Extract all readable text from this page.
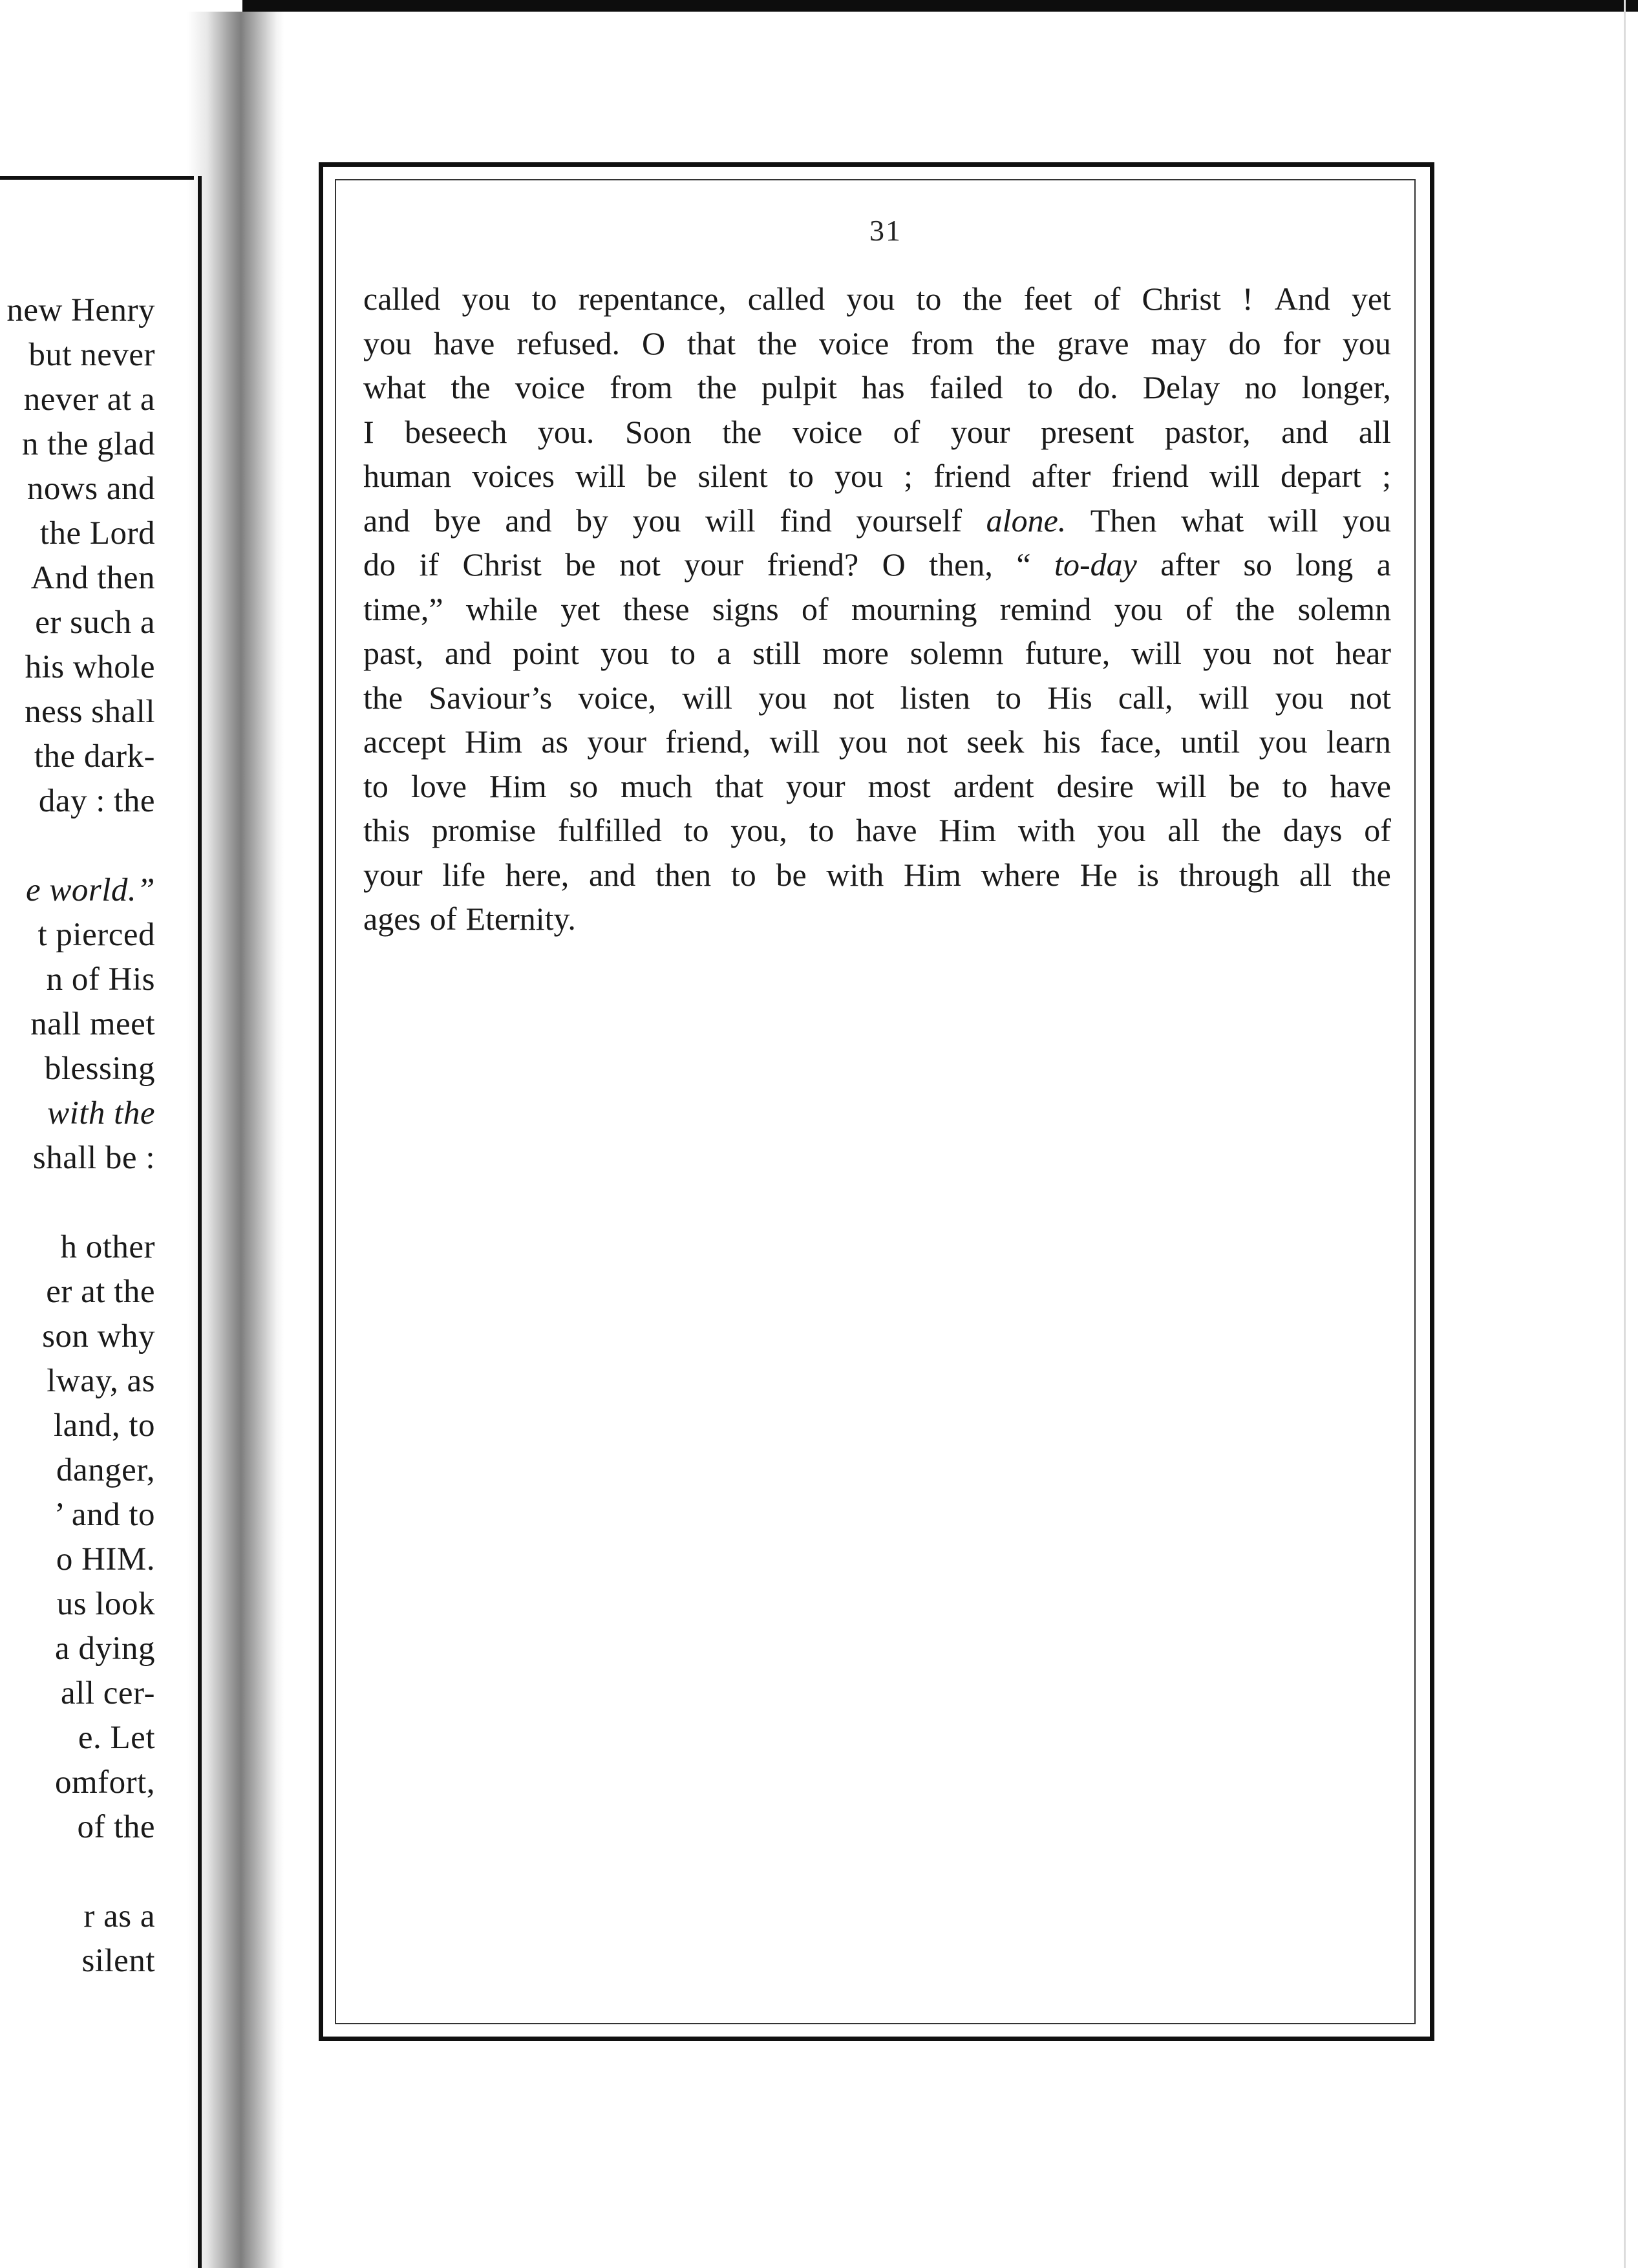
new Henry
but never
never at a
n the glad
nows and
the Lord
And then
er such a
his whole
ness shall
the dark-
day : the
e world.”
t pierced
n of His
nall meet
blessing
with the
shall be :
h other
er at the
son why
lway, as
land, to
danger,
’ and to
o HIM.
us look
a dying
all cer-
e. Let
omfort,
of the
r as a
silent
31
called you to repentance, called you to the feet of Christ ! And yet
you have refused. O that the voice from the grave may do for you
what the voice from the pulpit has failed to do. Delay no longer,
I beseech you. Soon the voice of your present pastor, and all
human voices will be silent to you ; friend after friend will depart ;
and bye and by you will find yourself alone. Then what will you
do if Christ be not your friend? O then, “ to-day after so long a
time,” while yet these signs of mourning remind you of the solemn
past, and point you to a still more solemn future, will you not hear
the Saviour’s voice, will you not listen to His call, will you not
accept Him as your friend, will you not seek his face, until you learn
to love Him so much that your most ardent desire will be to have
this promise fulfilled to you, to have Him with you all the days of
your life here, and then to be with Him where He is through all the
ages of Eternity.
